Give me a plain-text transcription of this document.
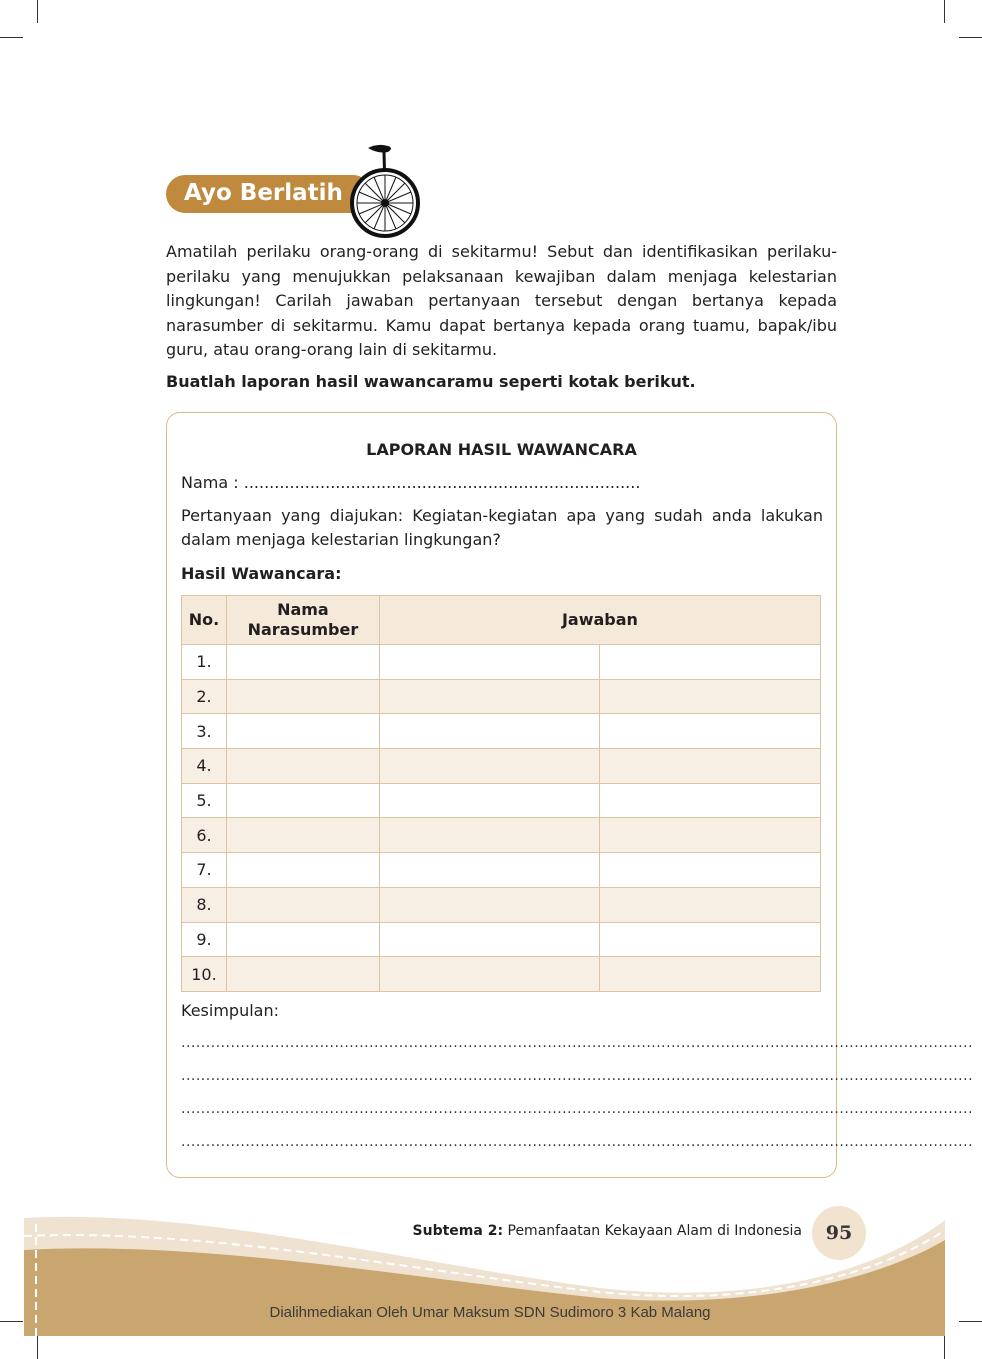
Ayo Berlatih

Amatilah perilaku orang-orang di sekitarmu! Sebut dan identifikasikan perilaku-perilaku yang menujukkan pelaksanaan kewajiban dalam menjaga kelestarian lingkungan! Carilah jawaban pertanyaan tersebut dengan bertanya kepada narasumber di sekitarmu. Kamu dapat bertanya kepada orang tuamu, bapak/ibu guru, atau orang-orang lain di sekitarmu.

Buatlah laporan hasil wawancaramu seperti kotak berikut.

LAPORAN HASIL WAWANCARA
Nama : ..............................................................................

Pertanyaan yang diajukan: Kegiatan-kegiatan apa yang sudah anda lakukan dalam menjaga kelestarian lingkungan?

Hasil Wawancara:
No.	Nama Narasumber	Jawaban	
1.			
2.			
3.			
4.			
5.			
6.			
7.			
8.			
9.			
10.			
Kesimpulan:
................................................................................................................................................................
................................................................................................................................................................
................................................................................................................................................................
................................................................................................................................................................
Subtema 2: Pemanfaatan Kekayaan Alam di Indonesia	95
Dialihmediakan Oleh Umar Maksum SDN Sudimoro 3 Kab Malang
